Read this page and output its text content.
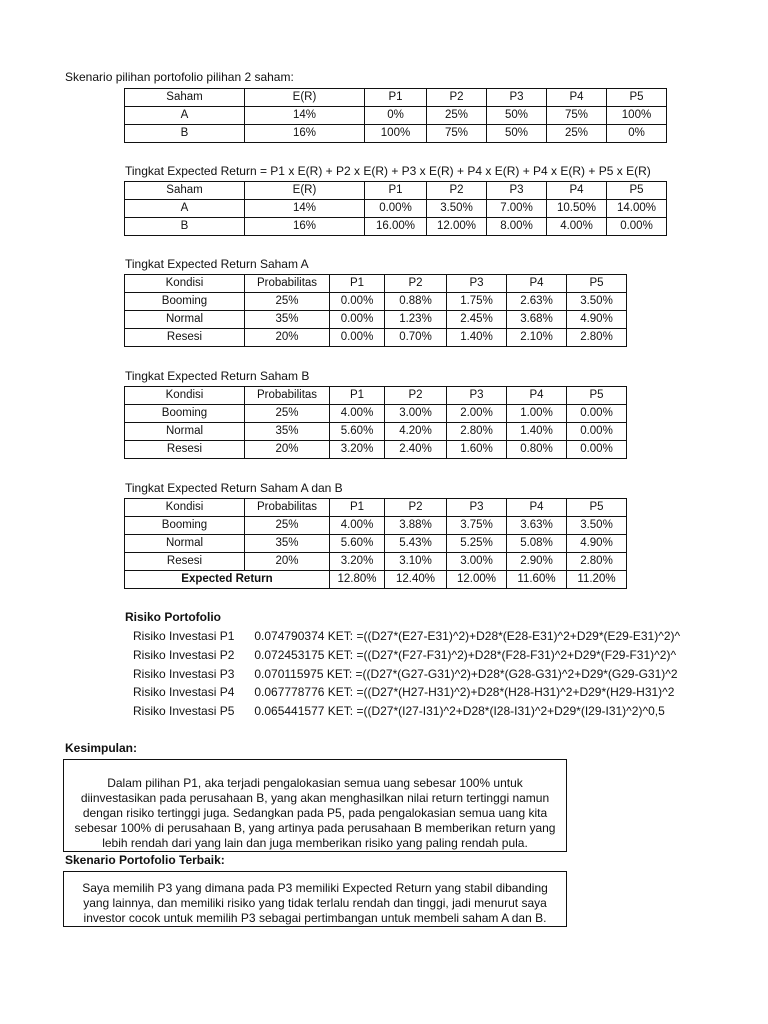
Skenario pilihan portofolio pilihan 2 saham:
Saham	E(R)	P1	P2	P3	P4	P5
A	14%	0%	25%	50%	75%	100%
B	16%	100%	75%	50%	25%	0%
Tingkat Expected Return = P1 x E(R) + P2 x E(R) + P3 x E(R) + P4 x E(R) + P4 x E(R) + P5 x E(R)
Saham	E(R)	P1	P2	P3	P4	P5
A	14%	0.00%	3.50%	7.00%	10.50%	14.00%
B	16%	16.00%	12.00%	8.00%	4.00%	0.00%
Tingkat Expected Return Saham A
Kondisi	Probabilitas	P1	P2	P3	P4	P5
Booming	25%	0.00%	0.88%	1.75%	2.63%	3.50%
Normal	35%	0.00%	1.23%	2.45%	3.68%	4.90%
Resesi	20%	0.00%	0.70%	1.40%	2.10%	2.80%
Tingkat Expected Return Saham B
Kondisi	Probabilitas	P1	P2	P3	P4	P5
Booming	25%	4.00%	3.00%	2.00%	1.00%	0.00%
Normal	35%	5.60%	4.20%	2.80%	1.40%	0.00%
Resesi	20%	3.20%	2.40%	1.60%	0.80%	0.00%
Tingkat Expected Return Saham A dan B
Kondisi	Probabilitas	P1	P2	P3	P4	P5
Booming	25%	4.00%	3.88%	3.75%	3.63%	3.50%
Normal	35%	5.60%	5.43%	5.25%	5.08%	4.90%
Resesi	20%	3.20%	3.10%	3.00%	2.90%	2.80%
Expected Return		12.80%	12.40%	12.00%	11.60%	11.20%
Risiko Portofolio
Risiko Investasi P1 0.074790374 KET: =((D27*(E27-E31)^2)+D28*(E28-E31)^2+D29*(E29-E31)^2)^
Risiko Investasi P2 0.072453175 KET: =((D27*(F27-F31)^2)+D28*(F28-F31)^2+D29*(F29-F31)^2)^
Risiko Investasi P3 0.070115975 KET: =((D27*(G27-G31)^2)+D28*(G28-G31)^2+D29*(G29-G31)^2
Risiko Investasi P4 0.067778776 KET: =((D27*(H27-H31)^2)+D28*(H28-H31)^2+D29*(H29-H31)^2
Risiko Investasi P5 0.065441577 KET: =((D27*(I27-I31)^2+D28*(I28-I31)^2+D29*(I29-I31)^2)^0,5
Kesimpulan:
Dalam pilihan P1, aka terjadi pengalokasian semua uang sebesar 100% untuk diinvestasikan pada perusahaan B, yang akan menghasilkan nilai return tertinggi namun dengan risiko tertinggi juga. Sedangkan pada P5, pada pengalokasian semua uang kita sebesar 100% di perusahaan B, yang artinya pada perusahaan B memberikan return yang lebih rendah dari yang lain dan juga memberikan risiko yang paling rendah pula.
Skenario Portofolio Terbaik:
Saya memilih P3 yang dimana pada P3 memiliki Expected Return yang stabil dibanding yang lainnya, dan memiliki risiko yang tidak terlalu rendah dan tinggi, jadi menurut saya investor cocok untuk memilih P3 sebagai pertimbangan untuk membeli saham A dan B.
